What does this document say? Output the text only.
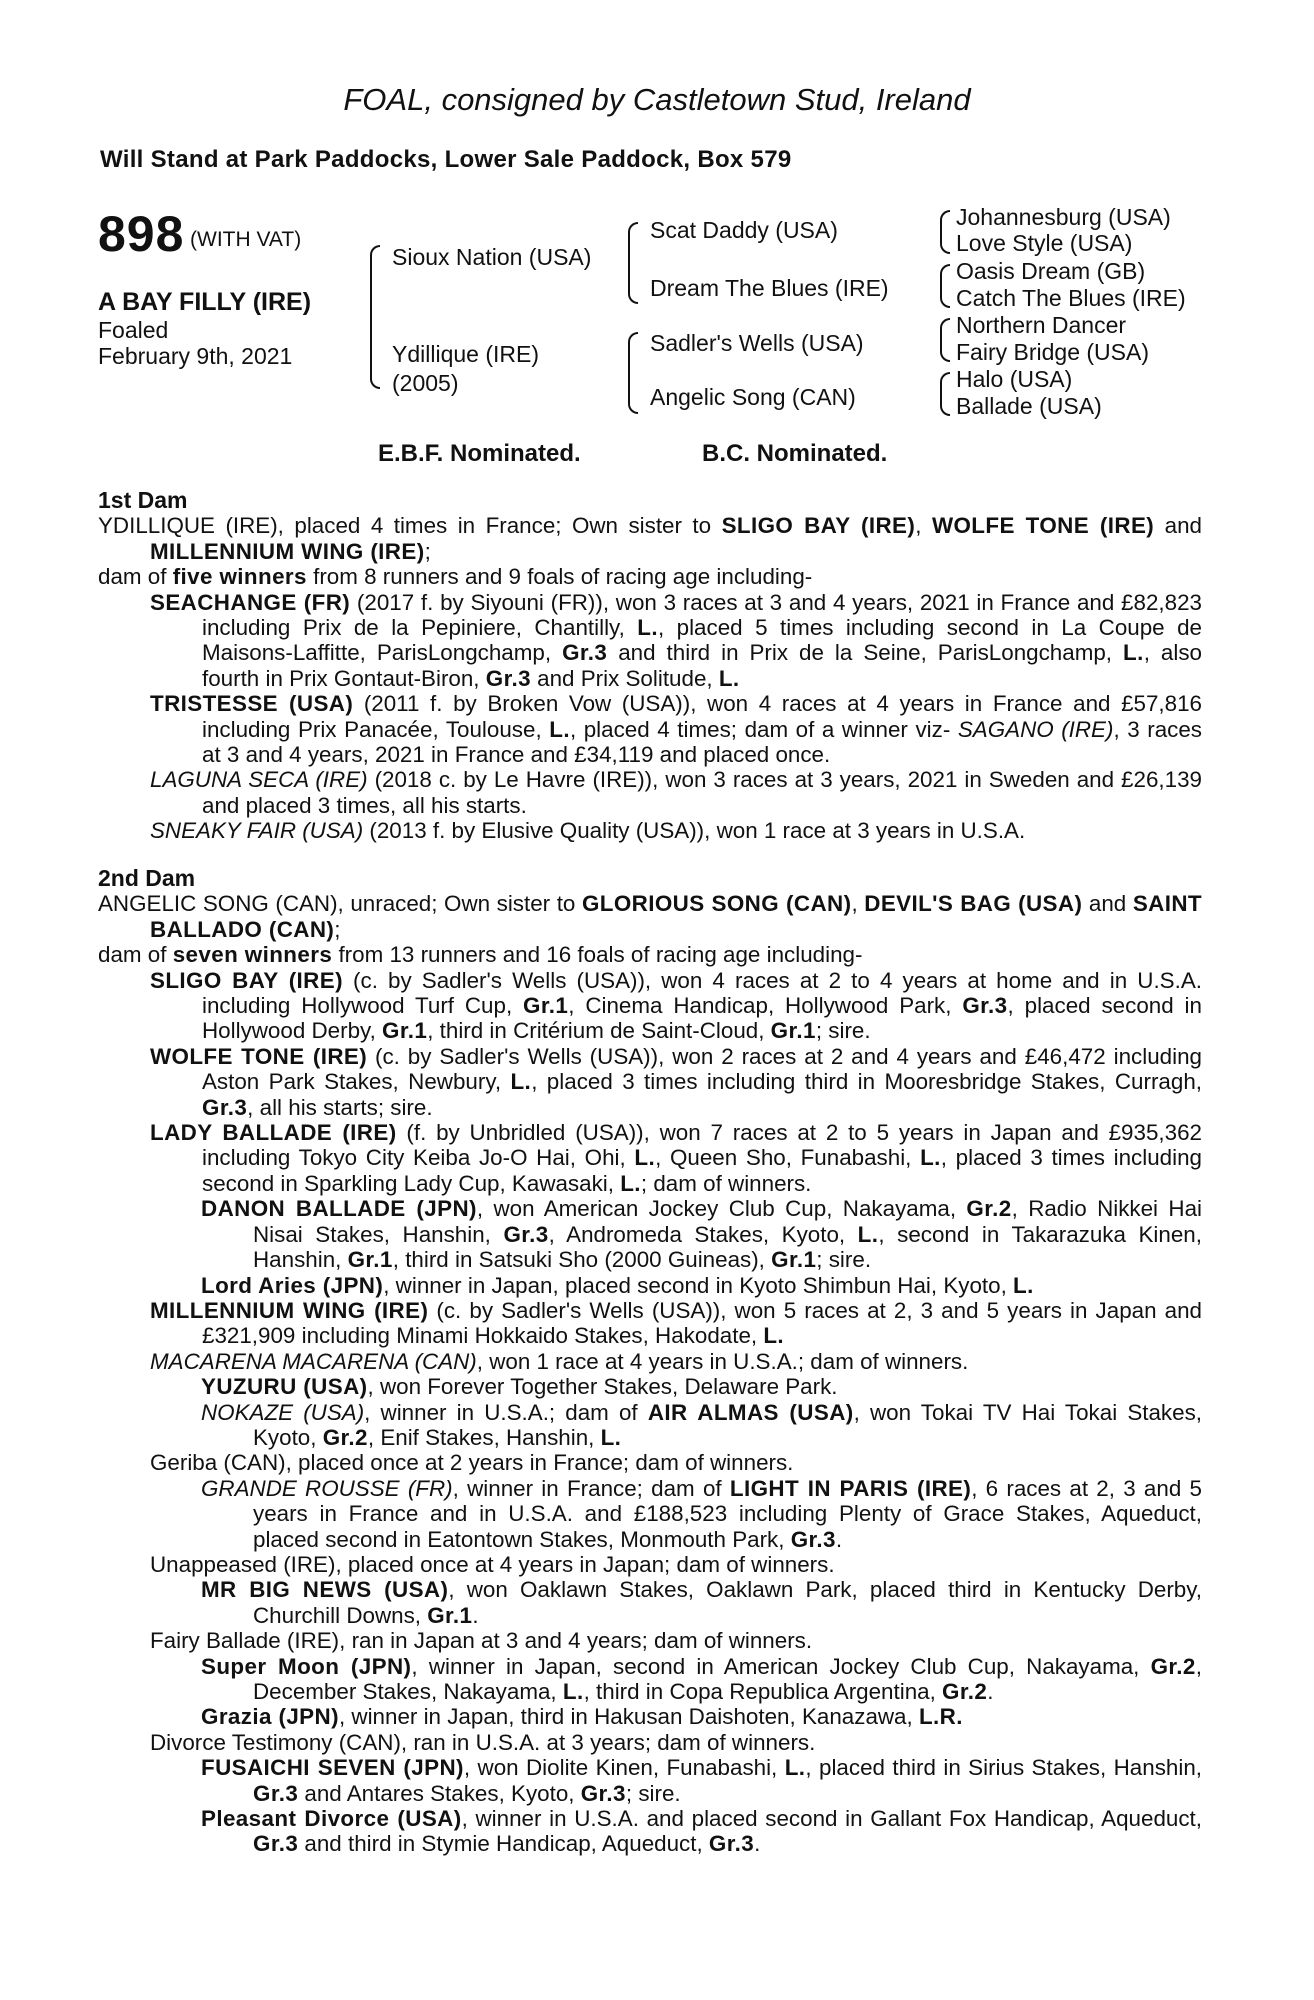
FOAL, consigned by Castletown Stud, Ireland
Will Stand at Park Paddocks, Lower Sale Paddock, Box 579
898 (WITH VAT)
A BAY FILLY (IRE)
Foaled
February 9th, 2021
Sioux Nation (USA)
Ydillique (IRE)
(2005)
Scat Daddy (USA)
Dream The Blues (IRE)
Sadler's Wells (USA)
Angelic Song (CAN)
Johannesburg (USA)
Love Style (USA)
Oasis Dream (GB)
Catch The Blues (IRE)
Northern Dancer
Fairy Bridge (USA)
Halo (USA)
Ballade (USA)
E.B.F. Nominated.	B.C. Nominated.
1st Dam
YDILLIQUE (IRE), placed 4 times in France; Own sister to SLIGO BAY (IRE), WOLFE TONE (IRE) and MILLENNIUM WING (IRE);
dam of five winners from 8 runners and 9 foals of racing age including-
SEACHANGE (FR) (2017 f. by Siyouni (FR)), won 3 races at 3 and 4 years, 2021 in France and £82,823 including Prix de la Pepiniere, Chantilly, L., placed 5 times including second in La Coupe de Maisons-Laffitte, ParisLongchamp, Gr.3 and third in Prix de la Seine, ParisLongchamp, L., also fourth in Prix Gontaut-Biron, Gr.3 and Prix Solitude, L.
TRISTESSE (USA) (2011 f. by Broken Vow (USA)), won 4 races at 4 years in France and £57,816 including Prix Panacée, Toulouse, L., placed 4 times; dam of a winner viz- SAGANO (IRE), 3 races at 3 and 4 years, 2021 in France and £34,119 and placed once.
LAGUNA SECA (IRE) (2018 c. by Le Havre (IRE)), won 3 races at 3 years, 2021 in Sweden and £26,139 and placed 3 times, all his starts.
SNEAKY FAIR (USA) (2013 f. by Elusive Quality (USA)), won 1 race at 3 years in U.S.A.
2nd Dam
ANGELIC SONG (CAN), unraced; Own sister to GLORIOUS SONG (CAN), DEVIL'S BAG (USA) and SAINT BALLADO (CAN);
dam of seven winners from 13 runners and 16 foals of racing age including-
SLIGO BAY (IRE) (c. by Sadler's Wells (USA)), won 4 races at 2 to 4 years at home and in U.S.A. including Hollywood Turf Cup, Gr.1, Cinema Handicap, Hollywood Park, Gr.3, placed second in Hollywood Derby, Gr.1, third in Critérium de Saint-Cloud, Gr.1; sire.
WOLFE TONE (IRE) (c. by Sadler's Wells (USA)), won 2 races at 2 and 4 years and £46,472 including Aston Park Stakes, Newbury, L., placed 3 times including third in Mooresbridge Stakes, Curragh, Gr.3, all his starts; sire.
LADY BALLADE (IRE) (f. by Unbridled (USA)), won 7 races at 2 to 5 years in Japan and £935,362 including Tokyo City Keiba Jo-O Hai, Ohi, L., Queen Sho, Funabashi, L., placed 3 times including second in Sparkling Lady Cup, Kawasaki, L.; dam of winners.
DANON BALLADE (JPN), won American Jockey Club Cup, Nakayama, Gr.2, Radio Nikkei Hai Nisai Stakes, Hanshin, Gr.3, Andromeda Stakes, Kyoto, L., second in Takarazuka Kinen, Hanshin, Gr.1, third in Satsuki Sho (2000 Guineas), Gr.1; sire.
Lord Aries (JPN), winner in Japan, placed second in Kyoto Shimbun Hai, Kyoto, L.
MILLENNIUM WING (IRE) (c. by Sadler's Wells (USA)), won 5 races at 2, 3 and 5 years in Japan and £321,909 including Minami Hokkaido Stakes, Hakodate, L.
MACARENA MACARENA (CAN), won 1 race at 4 years in U.S.A.; dam of winners.
YUZURU (USA), won Forever Together Stakes, Delaware Park.
NOKAZE (USA), winner in U.S.A.; dam of AIR ALMAS (USA), won Tokai TV Hai Tokai Stakes, Kyoto, Gr.2, Enif Stakes, Hanshin, L.
Geriba (CAN), placed once at 2 years in France; dam of winners.
GRANDE ROUSSE (FR), winner in France; dam of LIGHT IN PARIS (IRE), 6 races at 2, 3 and 5 years in France and in U.S.A. and £188,523 including Plenty of Grace Stakes, Aqueduct, placed second in Eatontown Stakes, Monmouth Park, Gr.3.
Unappeased (IRE), placed once at 4 years in Japan; dam of winners.
MR BIG NEWS (USA), won Oaklawn Stakes, Oaklawn Park, placed third in Kentucky Derby, Churchill Downs, Gr.1.
Fairy Ballade (IRE), ran in Japan at 3 and 4 years; dam of winners.
Super Moon (JPN), winner in Japan, second in American Jockey Club Cup, Nakayama, Gr.2, December Stakes, Nakayama, L., third in Copa Republica Argentina, Gr.2.
Grazia (JPN), winner in Japan, third in Hakusan Daishoten, Kanazawa, L.R.
Divorce Testimony (CAN), ran in U.S.A. at 3 years; dam of winners.
FUSAICHI SEVEN (JPN), won Diolite Kinen, Funabashi, L., placed third in Sirius Stakes, Hanshin, Gr.3 and Antares Stakes, Kyoto, Gr.3; sire.
Pleasant Divorce (USA), winner in U.S.A. and placed second in Gallant Fox Handicap, Aqueduct, Gr.3 and third in Stymie Handicap, Aqueduct, Gr.3.
